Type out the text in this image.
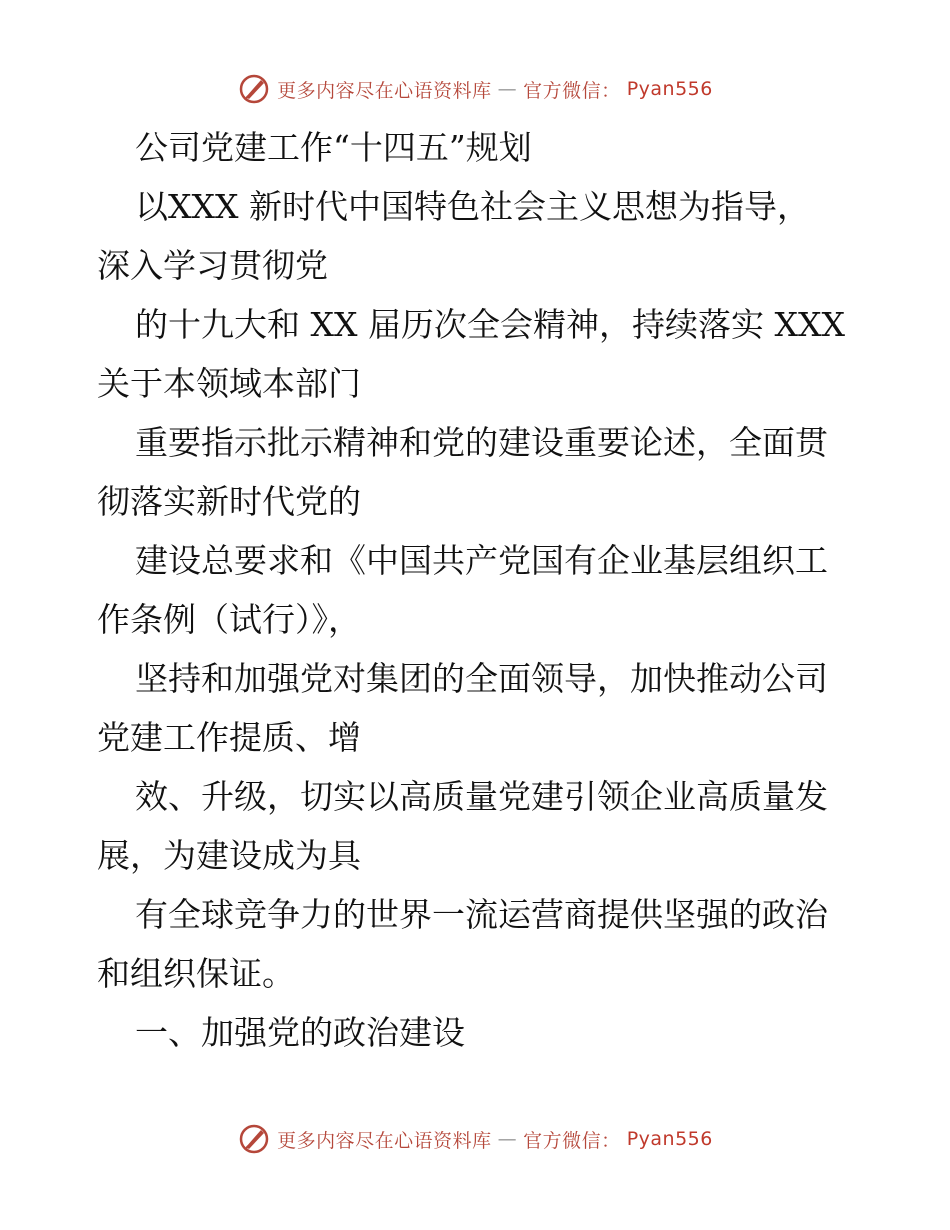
更多内容尽在心语资料库 — 官方微信： Pyan556

公司党建工作“十四五”规划

以XXX 新时代中国特色社会主义思想为指导，

深入学习贯彻党

的十九大和 XX 届历次全会精神，持续落实 XXX

关于本领域本部门

重要指示批示精神和党的建设重要论述，全面贯

彻落实新时代党的

建设总要求和《中国共产党国有企业基层组织工

作条例（试行）》，

坚持和加强党对集团的全面领导，加快推动公司

党建工作提质、增

效、升级，切实以高质量党建引领企业高质量发

展，为建设成为具

有全球竞争力的世界一流运营商提供坚强的政治

和组织保证。

一、加强党的政治建设

更多内容尽在心语资料库 — 官方微信： Pyan556
